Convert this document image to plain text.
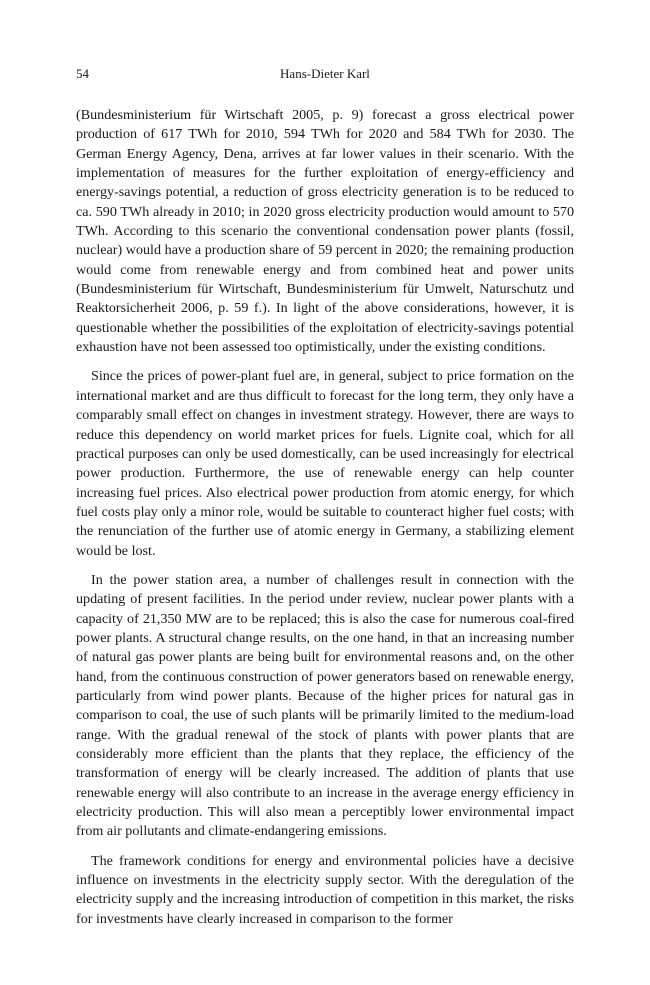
54	Hans-Dieter Karl

(Bundesministerium für Wirtschaft 2005, p. 9) forecast a gross electrical power production of 617 TWh for 2010, 594 TWh for 2020 and 584 TWh for 2030. The German Energy Agency, Dena, arrives at far lower values in their scenario. With the implementation of measures for the further exploitation of energy-efficiency and energy-savings potential, a reduction of gross electricity generation is to be reduced to ca. 590 TWh already in 2010; in 2020 gross electricity production would amount to 570 TWh. According to this scenario the conventional condensation power plants (fossil, nuclear) would have a production share of 59 percent in 2020; the remaining production would come from renewable energy and from combined heat and power units (Bundesministerium für Wirtschaft, Bundesministerium für Umwelt, Naturschutz und Reaktorsicherheit 2006, p. 59 f.). In light of the above considerations, however, it is questionable whether the possibilities of the exploitation of electricity-savings potential exhaustion have not been assessed too optimistically, under the existing conditions.

Since the prices of power-plant fuel are, in general, subject to price formation on the international market and are thus difficult to forecast for the long term, they only have a comparably small effect on changes in investment strategy. However, there are ways to reduce this dependency on world market prices for fuels. Lignite coal, which for all practical purposes can only be used domestically, can be used increasingly for electrical power production. Furthermore, the use of renewable energy can help counter increasing fuel prices. Also electrical power production from atomic energy, for which fuel costs play only a minor role, would be suitable to counteract higher fuel costs; with the renunciation of the further use of atomic energy in Germany, a stabilizing element would be lost.

In the power station area, a number of challenges result in connection with the updating of present facilities. In the period under review, nuclear power plants with a capacity of 21,350 MW are to be replaced; this is also the case for numerous coal-fired power plants. A structural change results, on the one hand, in that an increasing number of natural gas power plants are being built for environmental reasons and, on the other hand, from the continuous construction of power generators based on renewable energy, particularly from wind power plants. Because of the higher prices for natural gas in comparison to coal, the use of such plants will be primarily limited to the medium-load range. With the gradual renewal of the stock of plants with power plants that are considerably more efficient than the plants that they replace, the efficiency of the transformation of energy will be clearly increased. The addition of plants that use renewable energy will also contribute to an increase in the average energy efficiency in electricity production. This will also mean a perceptibly lower environmental impact from air pollutants and climate-endangering emissions.

The framework conditions for energy and environmental policies have a decisive influence on investments in the electricity supply sector. With the deregulation of the electricity supply and the increasing introduction of competition in this market, the risks for investments have clearly increased in comparison to the former
